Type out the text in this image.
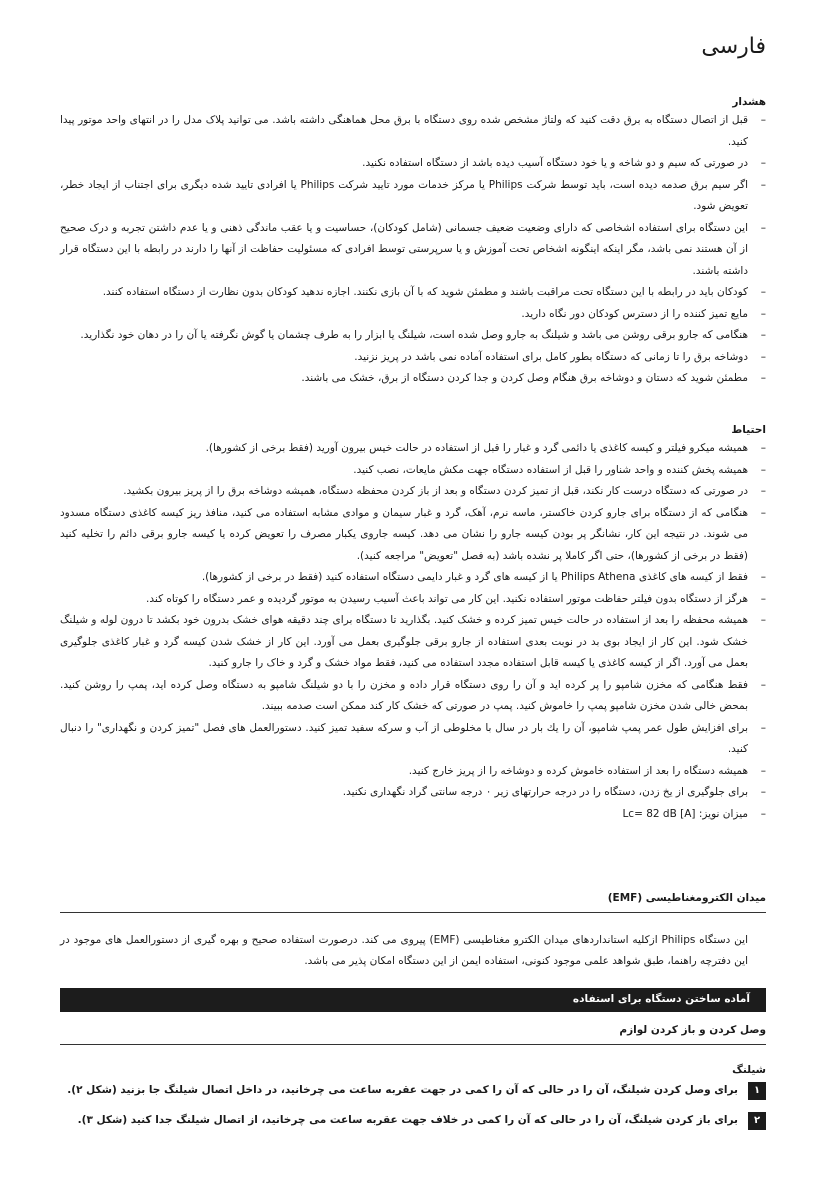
فارسی
هشدار
–
قبل از اتصال دستگاه به برق دقت کنید که ولتاژ مشخص شده روی دستگاه با برق محل هماهنگی داشته باشد. می توانید پلاک مدل را در انتهای واحد موتور پیدا کنید.
–
در صورتی که سیم و دو شاخه و یا خود دستگاه آسیب دیده باشد از دستگاه استفاده نکنید.
–
اگر سیم برق صدمه دیده است، باید توسط شرکت Philips یا مرکز خدمات مورد تایید شرکت Philips یا افرادی تایید شده دیگری برای اجتناب از ایجاد خطر، تعویض شود.
–
این دستگاه برای استفاده اشخاصی که دارای وضعیت ضعیف جسمانی (شامل کودکان)، حساسیت و یا عقب ماندگی ذهنی و یا عدم داشتن تجربه و درک صحیح از آن هستند نمی باشد، مگر اینکه اینگونه اشخاص تحت آموزش و یا سرپرستی توسط افرادی که مسئولیت حفاظت از آنها را دارند در رابطه با این دستگاه قرار داشته باشند.
–
کودکان باید در رابطه با این دستگاه تحت مراقبت باشند و مطمئن شوید که با آن بازی نکنند. اجازه ندهید کودکان بدون نظارت از دستگاه استفاده کنند.
–
مایع تمیز کننده را از دسترس کودکان دور نگاه دارید.
–
هنگامی که جارو برقی روشن می باشد و شیلنگ به جارو وصل شده است، شیلنگ یا ابزار را به طرف چشمان یا گوش نگرفته یا آن را در دهان خود نگذارید.
–
دوشاخه برق را تا زمانی که دستگاه بطور کامل برای استفاده آماده نمی باشد در پریز نزنید.
–
مطمئن شوید که دستان و دوشاخه برق هنگام وصل کردن و جدا کردن دستگاه از برق، خشک می باشند.
احتیاط
–
همیشه میکرو فیلتر و کیسه کاغذی یا دائمی گرد و غبار را قبل از استفاده در حالت خیس بیرون آورید (فقط برخی از کشورها).
–
همیشه پخش کننده و واحد شناور را قبل از استفاده دستگاه جهت مکش مایعات، نصب کنید.
–
در صورتی که دستگاه درست کار نکند، قبل از تمیز کردن دستگاه و بعد از باز کردن محفظه دستگاه، همیشه دوشاخه برق را از پریز بیرون بکشید.
–
هنگامی که از دستگاه برای جارو کردن خاکستر، ماسه نرم، آهک، گرد و غبار سیمان و موادی مشابه استفاده می کنید، منافذ ریز کیسه کاغذی دستگاه مسدود می شوند. در نتیجه این کار، نشانگر پر بودن کیسه جارو را نشان می دهد. کیسه جاروی یکبار مصرف را تعویض کرده یا کیسه جارو برقی دائم را تخلیه کنید (فقط در برخی از کشورها)، حتی اگر کاملا پر نشده باشد (به فصل "تعویض" مراجعه کنید).
–
فقط از کیسه های کاغذی Philips Athena یا از کیسه های گرد و غبار دایمی دستگاه استفاده کنید (فقط در برخی از کشورها).
–
هرگز از دستگاه بدون فیلتر حفاظت موتور استفاده نکنید. این کار می تواند باعث آسیب رسیدن به موتور گردیده و عمر دستگاه را کوتاه کند.
–
همیشه محفظه را بعد از استفاده در حالت خیس تمیز کرده و خشک کنید. بگذارید تا دستگاه برای چند دقیقه هوای خشک بدرون خود بکشد تا درون لوله و شیلنگ خشک شود. این کار از ایجاد بوی بد در نوبت بعدی استفاده از جارو برقی جلوگیری بعمل می آورد. این کار از خشک شدن کیسه گرد و غبار کاغذی جلوگیری بعمل می آورد. اگر از کیسه کاغذی یا کیسه قابل استفاده مجدد استفاده می کنید، فقط مواد خشک و گرد و خاک را جارو کنید.
–
فقط هنگامی که مخزن شامپو را پر کرده اید و آن را روی دستگاه قرار داده و مخزن را با دو شیلنگ شامپو به دستگاه وصل کرده اید، پمپ را روشن کنید. بمحض خالی شدن مخزن شامپو پمپ را خاموش کنید. پمپ در صورتی که خشک کار کند ممکن است صدمه ببیند.
–
برای افزایش طول عمر پمپ شامپو، آن را یك بار در سال با مخلوطی از آب و سرکه سفید تمیز کنید. دستورالعمل های فصل "تمیز کردن و نگهداری" را دنبال کنید.
–
همیشه دستگاه را بعد از استفاده خاموش کرده و دوشاخه را از پریز خارج کنید.
–
برای جلوگیری از یخ زدن، دستگاه را در درجه حرارتهای زیر ۰ درجه سانتی گراد نگهداری نکنید.
–
میزان نویز: Lc= 82 dB [A]
میدان الکترومغناطیسی (EMF)
این دستگاه Philips ازکلیه استانداردهای میدان الکترو مغناطیسی (EMF) پیروی می کند. درصورت استفاده صحیح و بهره گیری از دستورالعمل های موجود در این دفترچه راهنما، طبق شواهد علمی موجود کنونی، استفاده ایمن از این دستگاه امکان پذیر می باشد.
آماده ساختن دستگاه برای استفاده
وصل کردن و باز کردن لوازم
شیلنگ
۱
برای وصل کردن شیلنگ، آن را در حالی که آن را کمی در جهت عقربه ساعت می چرخانید، در داخل اتصال شیلنگ جا بزنید (شکل ۲).
۲
برای باز کردن شیلنگ، آن را در حالی که آن را کمی در خلاف جهت عقربه ساعت می چرخانید، از اتصال شیلنگ جدا کنید (شکل ۳).
